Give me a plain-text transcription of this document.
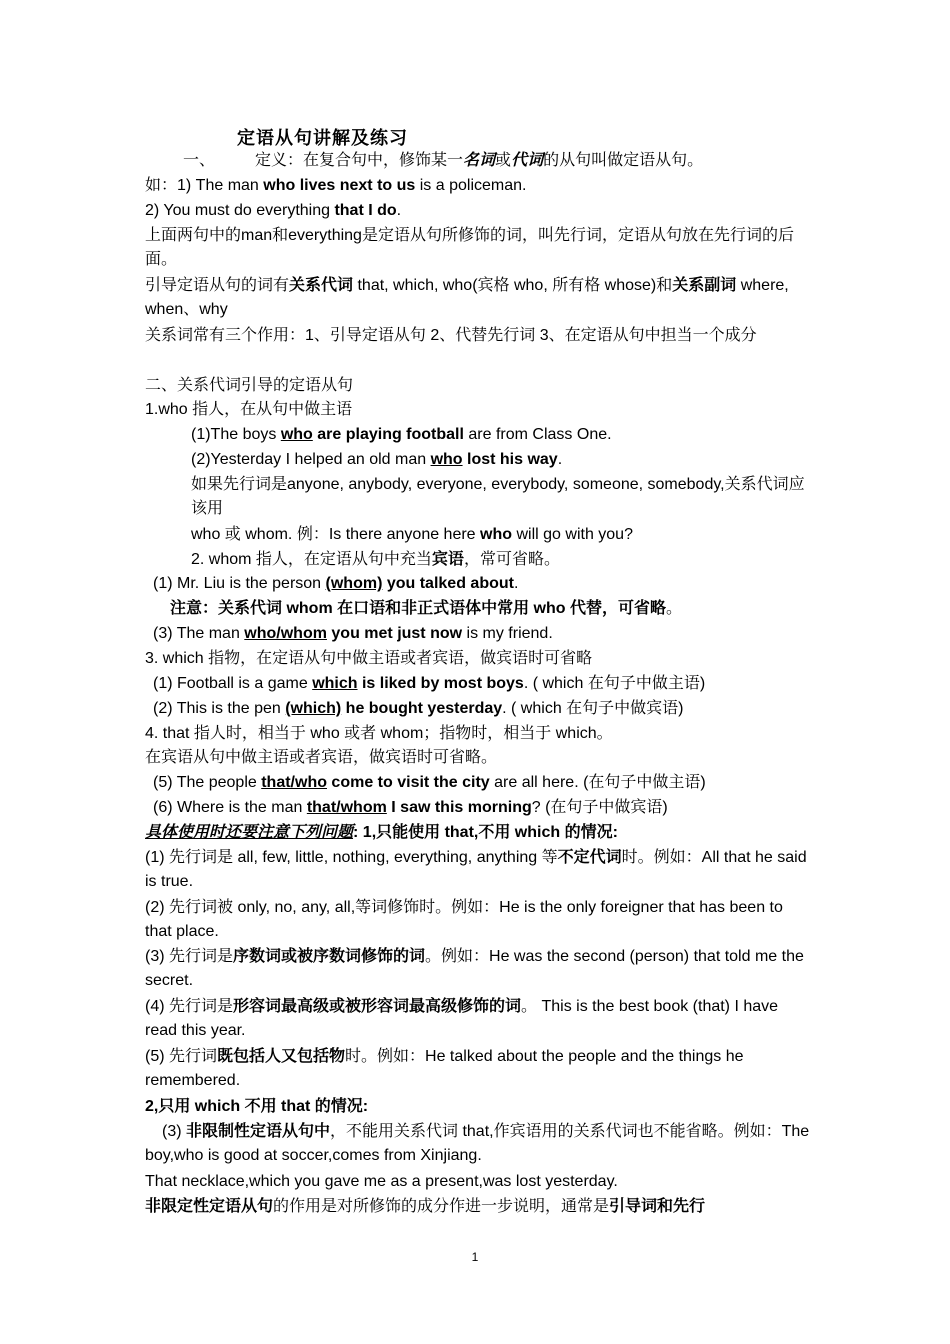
定语从句讲解及练习
一、	定义：在复合句中，修饰某一名词或代词的从句叫做定语从句。
如：1) The man who lives next to us is a policeman.
2) You must do everything that I do.
上面两句中的man和everything是定语从句所修饰的词，叫先行词，定语从句放在先行词的后面。
引导定语从句的词有关系代词 that, which, who(宾格 who, 所有格 whose)和关系副词 where, when、why
关系词常有三个作用：1、引导定语从句 2、代替先行词 3、在定语从句中担当一个成分
二、关系代词引导的定语从句
1.who 指人，在从句中做主语
(1)The boys who are playing football are from Class One.
(2)Yesterday I helped an old man who lost his way.
如果先行词是anyone, anybody, everyone, everybody, someone, somebody,关系代词应该用
who 或 whom. 例：Is there anyone here who will go with you?
2. whom 指人，在定语从句中充当宾语，常可省略。
(1) Mr. Liu is the person (whom) you talked about.
注意：关系代词 whom 在口语和非正式语体中常用 who 代替，可省略。
(3) The man who/whom you met just now is my friend.
3. which 指物，在定语从句中做主语或者宾语，做宾语时可省略
(1) Football is a game which is liked by most boys. ( which 在句子中做主语)
(2) This is the pen (which) he bought yesterday. ( which 在句子中做宾语)
4. that 指人时，相当于 who 或者 whom；指物时，相当于 which。
在宾语从句中做主语或者宾语，做宾语时可省略。
(5) The people that/who come to visit the city are all here. (在句子中做主语)
(6) Where is the man that/whom I saw this morning? (在句子中做宾语)
具体使用时还要注意下列问题: 1,只能使用 that,不用 which 的情况:
(1) 先行词是 all, few, little, nothing, everything, anything 等不定代词时。例如：All that he said is true.
(2) 先行词被 only, no, any, all,等词修饰时。例如：He is the only foreigner that has been to that place.
(3) 先行词是序数词或被序数词修饰的词。例如：He was the second (person) that told me the secret.
(4) 先行词是形容词最高级或被形容词最高级修饰的词。 This is the best book (that) I have read this year.
(5) 先行词既包括人又包括物时。例如：He talked about the people and the things he remembered.
2,只用 which 不用 that 的情况:
(3) 非限制性定语从句中，不能用关系代词 that,作宾语用的关系代词也不能省略。例如：The boy,who is good at soccer,comes from Xinjiang.
That necklace,which you gave me as a present,was lost yesterday.
非限定性定语从句的作用是对所修饰的成分作进一步说明，通常是引导词和先行
1
